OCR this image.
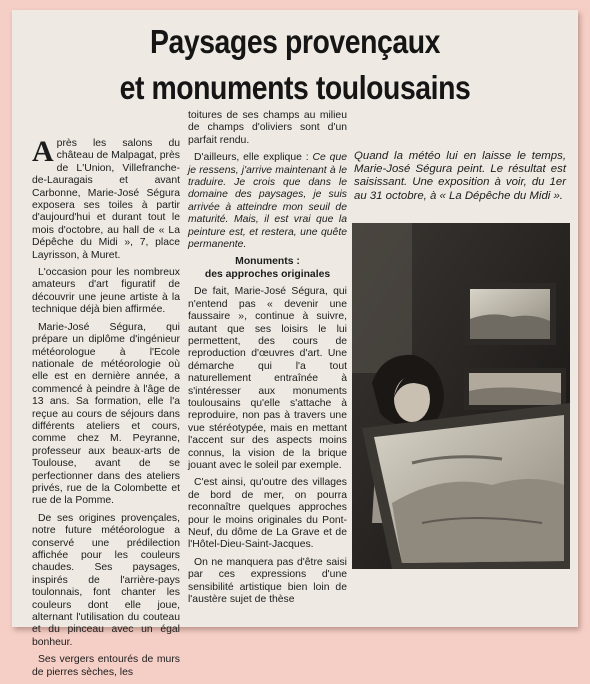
Paysages provençaux
et monuments toulousains

Après les salons du château de Malpagat, près de L'Union, Villefranche-de-Lauragais et avant Carbonne, Marie-José Ségura exposera ses toiles à partir d'aujourd'hui et durant tout le mois d'octobre, au hall de « La Dépêche du Midi », 7, place Layrisson, à Muret.

L'occasion pour les nombreux amateurs d'art figuratif de découvrir une jeune artiste à la technique déjà bien affirmée.

Marie-José Ségura, qui prépare un diplôme d'ingénieur météorologue à l'Ecole nationale de météorologie où elle est en dernière année, a commencé à peindre à l'âge de 13 ans. Sa formation, elle l'a reçue au cours de séjours dans différents ateliers et cours, comme chez M. Peyranne, professeur aux beaux-arts de Toulouse, avant de se perfectionner dans des ateliers privés, rue de la Colombette et rue de la Pomme.

De ses origines provençales, notre future météorologue a conservé une prédilection affichée pour les couleurs chaudes. Ses paysages, inspirés de l'arrière-pays toulonnais, font chanter les couleurs dont elle joue, alternant l'utilisation du couteau et du pinceau avec un égal bonheur.

Ses vergers entourés de murs de pierres sèches, les

toitures de ses champs au milieu de champs d'oliviers sont d'un parfait rendu.

D'ailleurs, elle explique : Ce que je ressens, j'arrive maintenant à le traduire. Je crois que dans le domaine des paysages, je suis arrivée à atteindre mon seuil de maturité. Mais, il est vrai que la peinture est, et restera, une quête permanente.

Monuments :
des approches originales

De fait, Marie-José Ségura, qui n'entend pas « devenir une faussaire », continue à suivre, autant que ses loisirs le lui permettent, des cours de reproduction d'œuvres d'art. Une démarche qui l'a tout naturellement entraînée à s'intéresser aux monuments toulousains qu'elle s'attache à reproduire, non pas à travers une vue stéréotypée, mais en mettant l'accent sur des aspects moins connus, la vision de la brique jouant avec le soleil par exemple.

C'est ainsi, qu'outre des villages de bord de mer, on pourra reconnaître quelques approches pour le moins originales du Pont-Neuf, du dôme de La Grave et de l'Hôtel-Dieu-Saint-Jacques.

On ne manquera pas d'être saisi par ces expressions d'une sensibilité artistique bien loin de l'austère sujet de thèse

Quand la météo lui en laisse le temps, Marie-José Ségura peint. Le résultat est saisissant. Une exposition à voir, du 1er au 31 octobre, à « La Dépêche du Midi ».
